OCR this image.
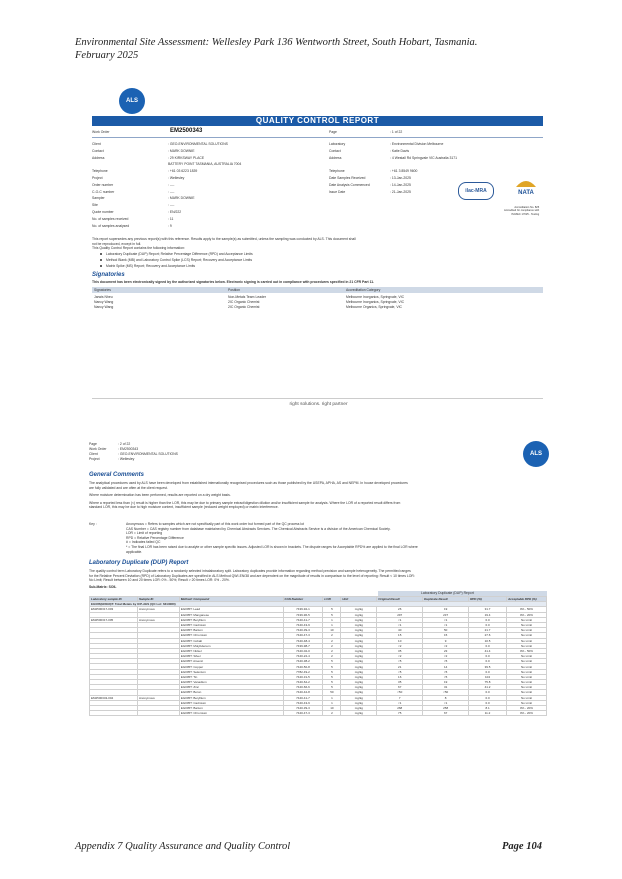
Environmental Site Assessment: Wellesley Park 136 Wentworth Street, South Hobart, Tasmania.
February 2025
ALS
QUALITY CONTROL REPORT
Work Order	EM2500343	Page	: 1 of 22
ilac-MRA	NATA
Accreditation No. 825
Accredited for compliance with
ISO/IEC 17025 - Testing
This report supersedes any previous report(s) with this reference. Results apply to the sample(s) as submitted, unless the sampling was conducted by ALS. This document shall
not be reproduced, except in full.
This Quality Control Report contains the following information:
Laboratory Duplicate (DUP) Report; Relative Percentage Difference (RPD) and Acceptance Limits
Method Blank (MB) and Laboratory Control Spike (LCS) Report; Recovery and Acceptance Limits
Matrix Spike (MS) Report; Recovery and Acceptance Limits
Signatories
This document has been electronically signed by the authorized signatories below. Electronic signing is carried out in compliance with procedures specified in 21 CFR Part 11.
Signatories	Position	Accreditation Category
Jarwis Nheu	Non-Metals Team Leader	Melbourne Inorganics, Springvale, VIC
Nancy Wang	2IC Organic Chemist	Melbourne Inorganics, Springvale, VIC
Nancy Wang	2IC Organic Chemist	Melbourne Organics, Springvale, VIC
right solutions. right partner
Client	: GEO-ENVIRONMENTAL SOLUTIONS
Contact	: MARK DOWNIE
Address	: 29 KIRKSWAY PLACE
BATTERY POINT TASMANIA, AUSTRALIA 7004
Telephone	: +61 03 6223 1839
Project	: Wellesley
Order number	: ----
C-O-C number	: ----
Sampler	: MARK DOWNIE
Site	: ----
Quote number	: EN/222
No. of samples received	: 11
No. of samples analysed	: 9
Laboratory	: Environmental Division Melbourne
Contact	: Katie Davis
Address	: 4 Westall Rd Springvale VIC Australia 3171
Telephone	: +61 3 8549 9600
Date Samples Received	: 13-Jan-2025
Date Analysis Commenced	: 14-Jan-2025
Issue Date	: 21-Jan-2025
ALS
General Comments
The analytical procedures used by ALS have been developed from established internationally recognised procedures such as those published by the USEPA, APHA, AS and NEPM. In house developed procedures
are fully validated and are often at the client request.
Where moisture determination has been performed, results are reported on a dry weight basis.
Where a reported less than (<) result is higher than the LOR, this may be due to primary sample extract/digestion dilution and/or insufficient sample for analysis. Where the LOR of a reported result differs from
standard LOR, this may be due to high moisture content, insufficient sample (reduced weight employed) or matrix interference.
Key :	Anonymous = Refers to samples which are not specifically part of this work order but formed part of the QC process lot
CAS Number = CAS registry number from database maintained by Chemical Abstracts Services. The Chemical Abstracts Service is a division of the American Chemical Society.
LOR = Limit of reporting
RPD = Relative Percentage Difference
# = Indicates failed QC
* = The final LOR has been raised due to analyte or other sample specific issues. Adjusted LOR is shown in brackets. The dispute ranges for Acceptable RPD% are applied to the final LOR where
applicable.
Laboratory Duplicate (DUP) Report
The quality control term Laboratory Duplicate refers to a randomly selected intralaboratory split. Laboratory duplicates provide information regarding method precision and sample heterogeneity. The permitted ranges
for the Relative Percent Deviation (RPD) of Laboratory Duplicates are specified in ALS Method QWI-EN/38 and are dependent on the magnitude of results in comparison to the level of reporting: Result < 10 times LOR:
No Limit; Result between 10 and 20 times LOR: 0% - 50%; Result > 20 times LOR: 0% - 20%.
Sub-Matrix: SOIL
Laboratory Duplicate (DUP) Report
Laboratory sample ID	Sample ID	Method: Compound	CAS Number	LOR	Unit	Original Result	Duplicate Result	RPD (%)	Acceptable RPD (%)
EG005(ED093)T: Total Metals by ICP-AES (QC Lot: 6313080)									
EM2500317-003	Anonymous	EG005T: Lead	7439-92-1	5	mg/kg	26	19	31.7	0% - 50%
		EG005T: Manganese	7439-96-5	5	mg/kg	297	237	19.4	0% - 20%
EM2500317-005	Anonymous	EG005T: Beryllium	7440-41-7	1	mg/kg	<1	<1	0.0	No Limit
		EG005T: Cadmium	7440-43-9	1	mg/kg	<1	<1	0.0	No Limit
		EG005T: Barium	7440-39-3	10	mg/kg	40	50	21.7	No Limit
		EG005T: Chromium	7440-47-3	2	mg/kg	15	15	27.6	No Limit
		EG005T: Cobalt	7440-48-4	2	mg/kg	10	9	10.5	No Limit
		EG005T: Molybdenum	7439-98-7	2	mg/kg	<2	<2	0.0	No Limit
		EG005T: Nickel	7440-02-0	2	mg/kg	35	23	41.4	0% - 50%
		EG005T: Silver	7440-22-4	2	mg/kg	<2	<2	0.0	No Limit
		EG005T: Arsenic	7440-38-2	5	mg/kg	<5	<5	0.0	No Limit
		EG005T: Copper	7440-50-8	5	mg/kg	21	14	39.5	No Limit
		EG005T: Selenium	7782-49-2	5	mg/kg	<5	<5	0.0	No Limit
		EG005T: Tin	7440-31-5	5	mg/kg	16	<5	104	No Limit
		EG005T: Vanadium	7440-62-2	5	mg/kg	35	19	75.8	No Limit
		EG005T: Zinc	7440-66-6	5	mg/kg	67	31	41.2	No Limit
		EG005T: Boron	7440-42-8	50	mg/kg	<50	<50	0.0	No Limit
EM2500343-004	Anonymous	EG005T: Beryllium	7440-41-7	1	mg/kg	7	8	0.0	No Limit
		EG005T: Cadmium	7440-43-9	1	mg/kg	<1	<1	0.0	No Limit
		EG005T: Barium	7440-39-3	10	mg/kg	268	258	8.1	0% - 20%
		EG005T: Chromium	7440-47-3	2	mg/kg	75	67	11.2	0% - 20%
Page	: 2 of 22
Work Order	: EM2500343
Client	: GEO-ENVIRONMENTAL SOLUTIONS
Project	: Wellesley
Appendix 7 Quality Assurance and Quality Control	Page 104
